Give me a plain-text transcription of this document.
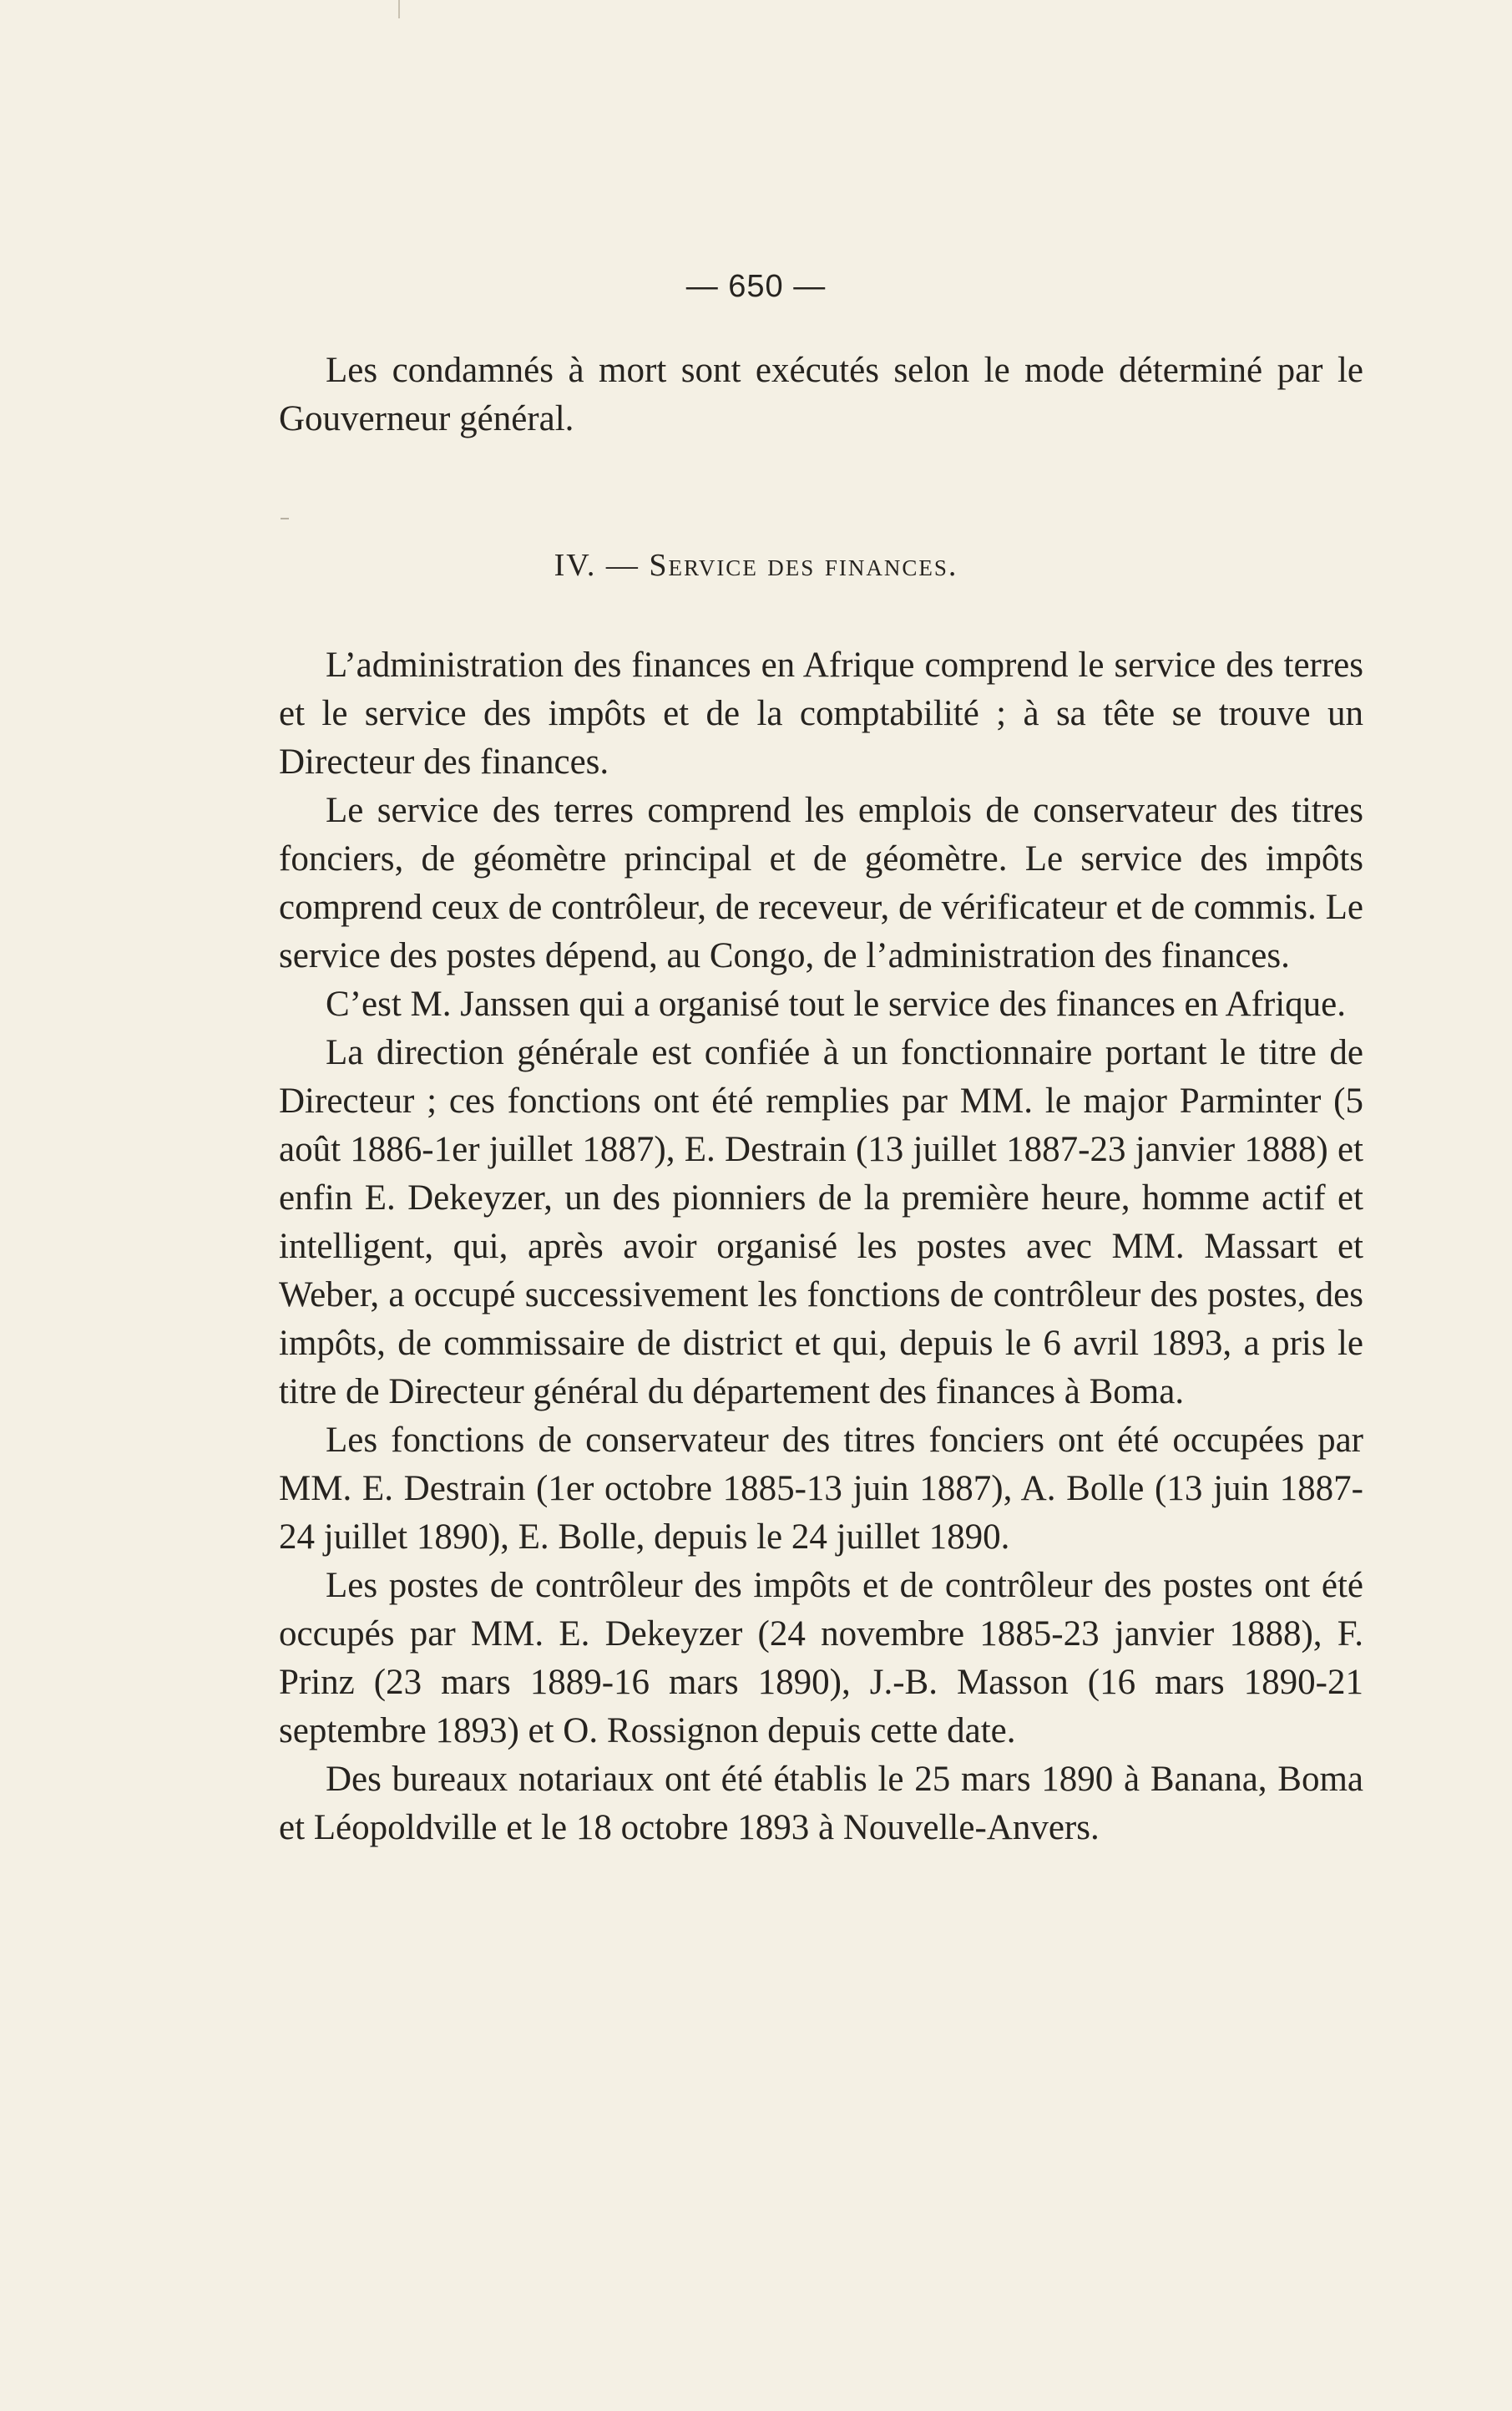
— 650 —

Les condamnés à mort sont exécutés selon le mode déterminé par le Gouverneur général.

IV. — Service des finances.

L’administration des finances en Afrique comprend le service des terres et le service des impôts et de la comptabilité ; à sa tête se trouve un Directeur des finances.

Le service des terres comprend les emplois de conservateur des titres fonciers, de géomètre principal et de géomètre. Le service des impôts comprend ceux de contrôleur, de receveur, de vérificateur et de commis. Le service des postes dépend, au Congo, de l’administration des finances.

C’est M. Janssen qui a organisé tout le service des finances en Afrique.

La direction générale est confiée à un fonctionnaire portant le titre de Directeur ; ces fonctions ont été remplies par MM. le major Parminter (5 août 1886-1er juillet 1887), E. Destrain (13 juillet 1887-23 janvier 1888) et enfin E. Dekeyzer, un des pionniers de la première heure, homme actif et intelligent, qui, après avoir organisé les postes avec MM. Massart et Weber, a occupé successivement les fonctions de contrôleur des postes, des impôts, de commissaire de district et qui, depuis le 6 avril 1893, a pris le titre de Directeur général du département des finances à Boma.

Les fonctions de conservateur des titres fonciers ont été occupées par MM. E. Destrain (1er octobre 1885-13 juin 1887), A. Bolle (13 juin 1887-24 juillet 1890), E. Bolle, depuis le 24 juillet 1890.

Les postes de contrôleur des impôts et de contrôleur des postes ont été occupés par MM. E. Dekeyzer (24 novembre 1885-23 janvier 1888), F. Prinz (23 mars 1889-16 mars 1890), J.-B. Masson (16 mars 1890-21 septembre 1893) et O. Rossignon depuis cette date.

Des bureaux notariaux ont été établis le 25 mars 1890 à Banana, Boma et Léopoldville et le 18 octobre 1893 à Nouvelle-Anvers.
